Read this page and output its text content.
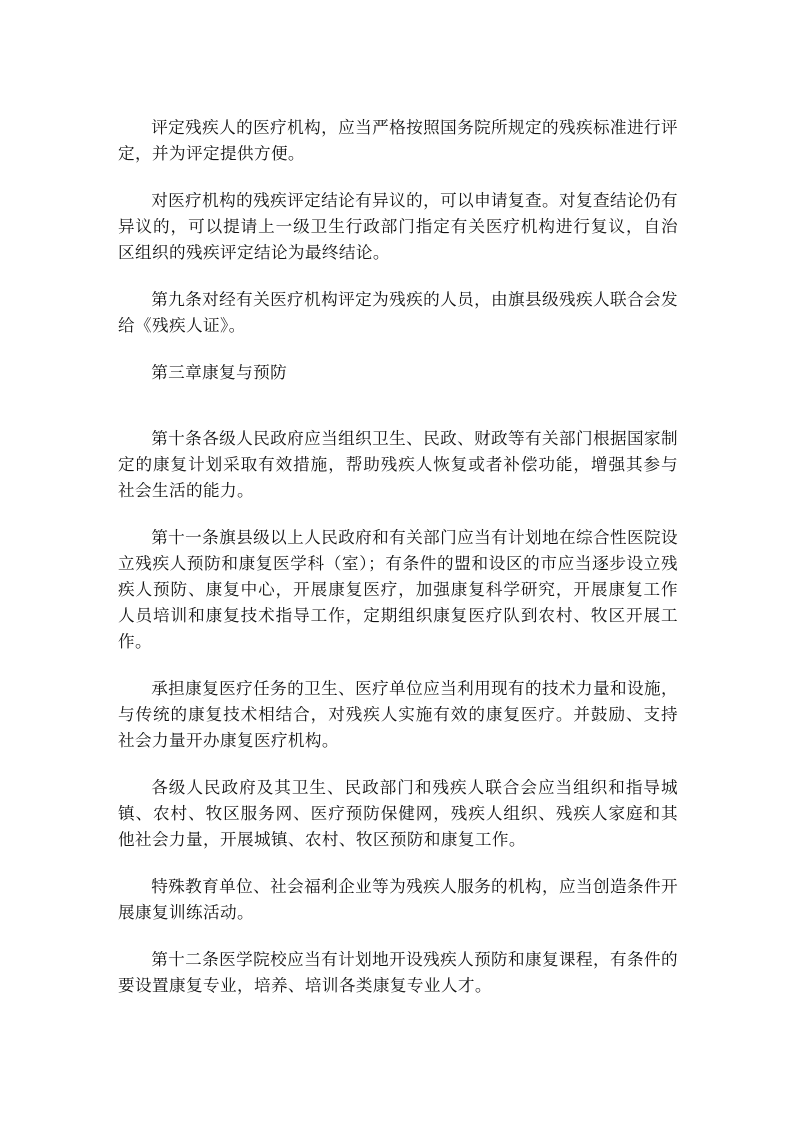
评定残疾人的医疗机构，应当严格按照国务院所规定的残疾标准进行评定，并为评定提供方便。

对医疗机构的残疾评定结论有异议的，可以申请复查。对复查结论仍有异议的，可以提请上一级卫生行政部门指定有关医疗机构进行复议，自治区组织的残疾评定结论为最终结论。

第九条对经有关医疗机构评定为残疾的人员，由旗县级残疾人联合会发给《残疾人证》。

第三章康复与预防

第十条各级人民政府应当组织卫生、民政、财政等有关部门根据国家制定的康复计划采取有效措施，帮助残疾人恢复或者补偿功能，增强其参与社会生活的能力。

第十一条旗县级以上人民政府和有关部门应当有计划地在综合性医院设立残疾人预防和康复医学科（室）；有条件的盟和设区的市应当逐步设立残疾人预防、康复中心，开展康复医疗，加强康复科学研究，开展康复工作人员培训和康复技术指导工作，定期组织康复医疗队到农村、牧区开展工作。

承担康复医疗任务的卫生、医疗单位应当利用现有的技术力量和设施，与传统的康复技术相结合，对残疾人实施有效的康复医疗。并鼓励、支持社会力量开办康复医疗机构。

各级人民政府及其卫生、民政部门和残疾人联合会应当组织和指导城镇、农村、牧区服务网、医疗预防保健网，残疾人组织、残疾人家庭和其他社会力量，开展城镇、农村、牧区预防和康复工作。

特殊教育单位、社会福利企业等为残疾人服务的机构，应当创造条件开展康复训练活动。

第十二条医学院校应当有计划地开设残疾人预防和康复课程，有条件的要设置康复专业，培养、培训各类康复专业人才。
